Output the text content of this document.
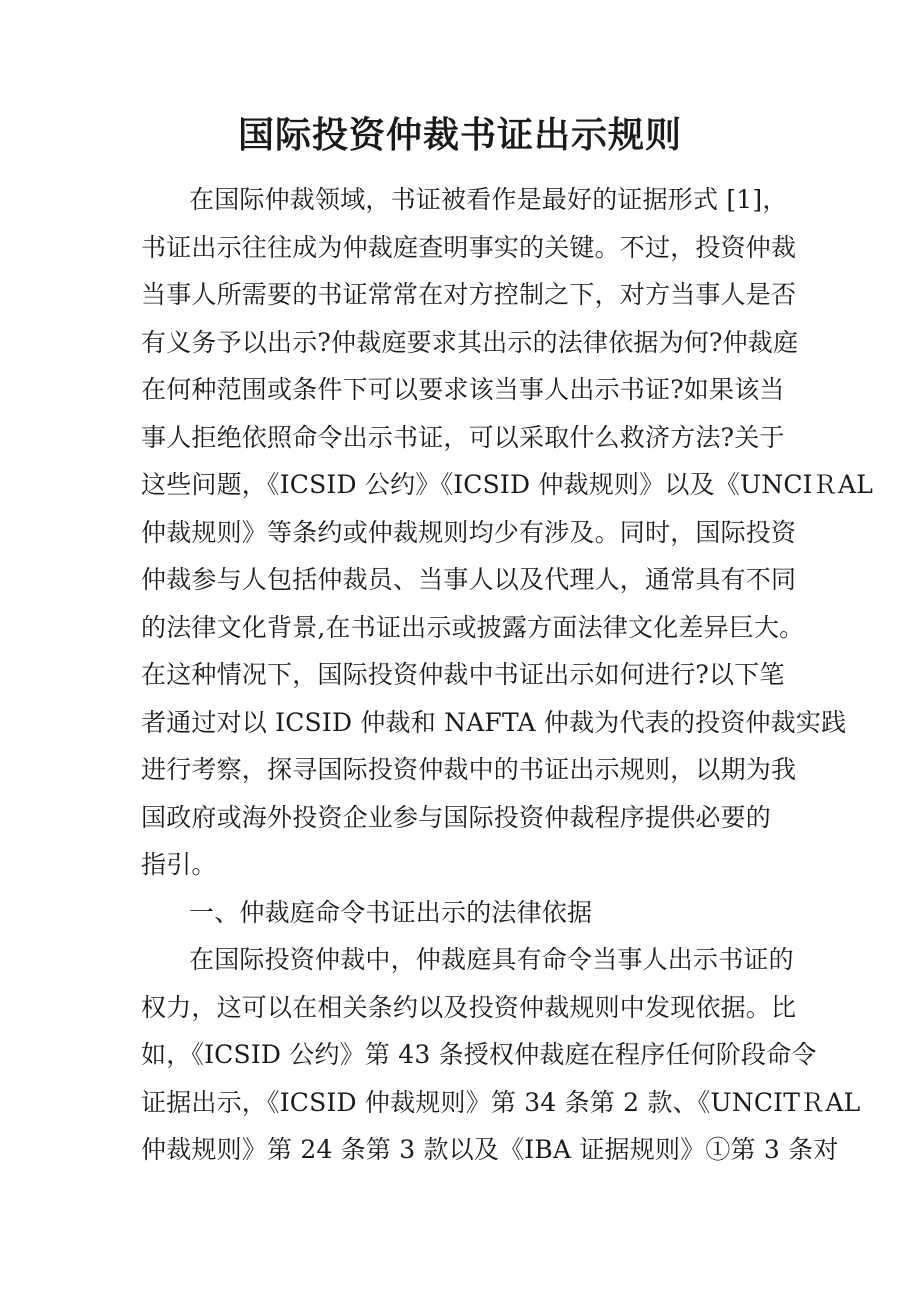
国际投资仲裁书证出示规则
在国际仲裁领域，书证被看作是最好的证据形式 [1]，
书证出示往往成为仲裁庭查明事实的关键。不过，投资仲裁
当事人所需要的书证常常在对方控制之下，对方当事人是否
有义务予以出示?仲裁庭要求其出示的法律依据为何?仲裁庭
在何种范围或条件下可以要求该当事人出示书证?如果该当
事人拒绝依照命令出示书证，可以采取什么救济方法?关于
这些问题，《ICSID 公约》《ICSID 仲裁规则》以及《UNCIＲAL
仲裁规则》等条约或仲裁规则均少有涉及。同时，国际投资
仲裁参与人包括仲裁员、当事人以及代理人，通常具有不同
的法律文化背景,在书证出示或披露方面法律文化差异巨大。
在这种情况下，国际投资仲裁中书证出示如何进行?以下笔
者通过对以 ICSID 仲裁和 NAFTA 仲裁为代表的投资仲裁实践
进行考察，探寻国际投资仲裁中的书证出示规则，以期为我
国政府或海外投资企业参与国际投资仲裁程序提供必要的
指引。
一、仲裁庭命令书证出示的法律依据
在国际投资仲裁中，仲裁庭具有命令当事人出示书证的
权力，这可以在相关条约以及投资仲裁规则中发现依据。比
如，《ICSID 公约》第 43 条授权仲裁庭在程序任何阶段命令
证据出示，《ICSID 仲裁规则》第 34 条第 2 款、《UNCITＲAL
仲裁规则》第 24 条第 3 款以及《IBA 证据规则》①第 3 条对
